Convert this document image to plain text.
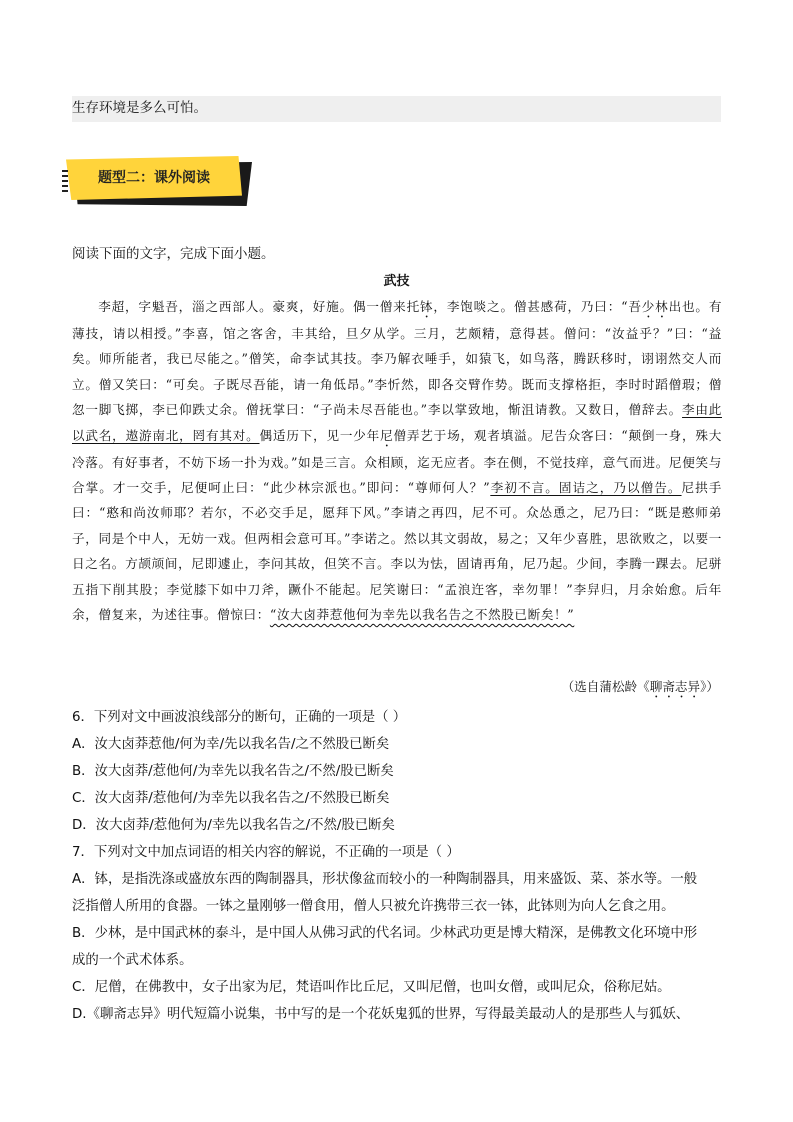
生存环境是多么可怕。
题型二：课外阅读
阅读下面的文字，完成下面小题。
武技
李超，字魁吾，淄之西部人。豪爽，好施。偶一僧来托钵，李饱啖之。僧甚感荷，乃曰：“吾少林出也。有薄技，请以相授。”李喜，馆之客舍，丰其给，旦夕从学。三月，艺颇精，意得甚。僧问：“汝益乎？”曰：“益矣。师所能者，我已尽能之。”僧笑，命李试其技。李乃解衣唾手，如猿飞，如鸟落，腾跃移时，诩诩然交人而立。僧又笑曰：“可矣。子既尽吾能，请一角低昂。”李忻然，即各交臂作势。既而支撑格拒，李时时蹈僧瑕；僧忽一脚飞掷，李已仰跌丈余。僧抚掌曰：“子尚未尽吾能也。”李以掌致地，惭沮请教。又数日，僧辞去。李由此以武名，遨游南北，罔有其对。偶适历下，见一少年尼僧弄艺于场，观者填溢。尼告众客曰：“颠倒一身，殊大冷落。有好事者，不妨下场一扑为戏。”如是三言。众相顾，迄无应者。李在侧，不觉技痒，意气而进。尼便笑与合掌。才一交手，尼便呵止曰：“此少林宗派也。”即问：“尊师何人？”李初不言。固诘之，乃以僧告。尼拱手曰：“憨和尚汝师耶？若尔，不必交手足，愿拜下风。”李请之再四，尼不可。众怂恿之，尼乃曰：“既是憨师弟子，同是个中人，无妨一戏。但两相会意可耳。”李诺之。然以其文弱故，易之；又年少喜胜，思欲败之，以要一日之名。方颉颃间，尼即遽止，李问其故，但笑不言。李以为怯，固请再角，尼乃起。少间，李腾一踝去。尼骈五指下削其股；李觉膝下如中刀斧，蹶仆不能起。尼笑谢曰：“孟浪迕客，幸勿罪！”李舁归，月余始愈。后年余，僧复来，为述往事。僧惊曰：“汝大卤莽惹他何为幸先以我名告之不然股已断矣！”
（选自蒲松龄《聊斋志异》）

6．下列对文中画波浪线部分的断句，正确的一项是（ ）

A．汝大卤莽惹他/何为幸/先以我名告/之不然股已断矣

B．汝大卤莽/惹他何/为幸先以我名告之/不然/股已断矣

C．汝大卤莽/惹他何/为幸先以我名告之/不然股已断矣

D．汝大卤莽/惹他何为/幸先以我名告之/不然/股已断矣

7．下列对文中加点词语的相关内容的解说，不正确的一项是（ ）

A．钵，是指洗涤或盛放东西的陶制器具，形状像盆而较小的一种陶制器具，用来盛饭、菜、茶水等。一般

泛指僧人所用的食器。一钵之量刚够一僧食用，僧人只被允许携带三衣一钵，此钵则为向人乞食之用。

B．少林，是中国武林的泰斗，是中国人从佛习武的代名词。少林武功更是博大精深，是佛教文化环境中形

成的一个武术体系。

C．尼僧，在佛教中，女子出家为尼，梵语叫作比丘尼，又叫尼僧，也叫女僧，或叫尼众，俗称尼姑。

D.《聊斋志异》明代短篇小说集，书中写的是一个花妖鬼狐的世界，写得最美最动人的是那些人与狐妖、
